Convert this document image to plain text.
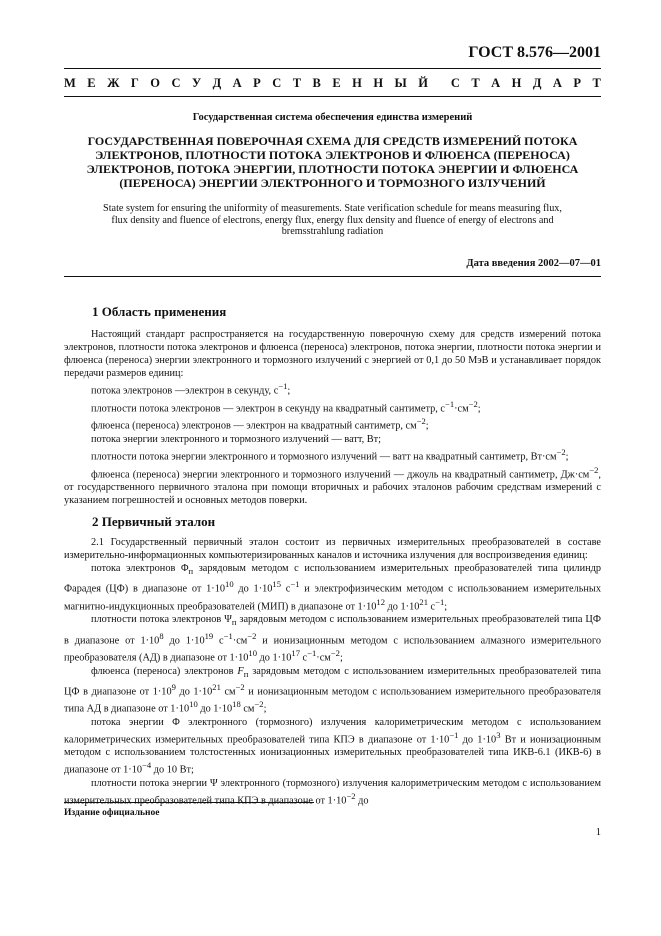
ГОСТ 8.576—2001
М Е Ж Г О С У Д А Р С Т В Е Н Н Ы Й С Т А Н Д А Р Т
Государственная система обеспечения единства измерений
ГОСУДАРСТВЕННАЯ ПОВЕРОЧНАЯ СХЕМА ДЛЯ СРЕДСТВ ИЗМЕРЕНИЙ ПОТОКА
ЭЛЕКТРОНОВ, ПЛОТНОСТИ ПОТОКА ЭЛЕКТРОНОВ И ФЛЮЕНСА (ПЕРЕНОСА)
ЭЛЕКТРОНОВ, ПОТОКА ЭНЕРГИИ, ПЛОТНОСТИ ПОТОКА ЭНЕРГИИ И ФЛЮЕНСА
(ПЕРЕНОСА) ЭНЕРГИИ ЭЛЕКТРОННОГО И ТОРМОЗНОГО ИЗЛУЧЕНИЙ
State system for ensuring the uniformity of measurements. State verification schedule for means measuring flux,
flux density and fluence of electrons, energy flux, energy flux density and fluence of energy of electrons and
bremsstrahlung radiation
Дата введения 2002—07—01
1 Область применения

Настоящий стандарт распространяется на государственную поверочную схему для средств измерений потока электронов, плотности потока электронов и флюенса (переноса) электронов, потока энергии, плотности потока энергии и флюенса (переноса) энергии электронного и тормозного излучений с энергией от 0,1 до 50 МэВ и устанавливает порядок передачи размеров единиц:

потока электронов —электрон в секунду, $с^{-1}$;

плотности потока электронов — электрон в секунду на квадратный сантиметр, $с^{-1}\cdot см^{-2}$;

флюенса (переноса) электронов — электрон на квадратный сантиметр, $см^{-2}$;

потока энергии электронного и тормозного излучений — ватт, Вт;

плотности потока энергии электронного и тормозного излучений — ватт на квадратный сантиметр, $Вт\cdot см^{-2}$;

флюенса (переноса) энергии электронного и тормозного излучений — джоуль на квадратный сантиметр, $Дж\cdot см^{-2}$, от государственного первичного эталона при помощи вторичных и рабочих эталонов рабочим средствам измерений с указанием погрешностей и основных методов поверки.

2 Первичный эталон

2.1 Государственный первичный эталон состоит из первичных измерительных преобразователей в составе измерительно-информационных компьютеризированных каналов и источника излучения для воспроизведения единиц:

потока электронов $\Phi_п$ зарядовым методом с использованием измерительных преобразователей типа цилиндр Фарадея (ЦФ) в диапазоне от $1\cdot 10^{10}$ до $1\cdot 10^{15}$ $с^{-1}$ и электрофизическим методом с использованием измерительных магнитно-индукционных преобразователей (МИП) в диапазоне от $1\cdot 10^{12}$ до $1\cdot 10^{21}$ $с^{-1}$;

плотности потока электронов $\Psi_п$ зарядовым методом с использованием измерительных преобразователей типа ЦФ в диапазоне от $1\cdot 10^8$ до $1\cdot 10^{19}$ $с^{-1}\cdot см^{-2}$ и ионизационным методом с использованием алмазного измерительного преобразователя (АД) в диапазоне от $1\cdot 10^{10}$ до $1\cdot 10^{17}$ $с^{-1}\cdot см^{-2}$;

флюенса (переноса) электронов $F_п$ зарядовым методом с использованием измерительных преобразователей типа ЦФ в диапазоне от $1\cdot 10^9$ до $1\cdot 10^{21}$ $см^{-2}$ и ионизационным методом с использованием измерительного преобразователя типа АД в диапазоне от $1\cdot 10^{10}$ до $1\cdot 10^{18}$ $см^{-2}$;

потока энергии Φ электронного (тормозного) излучения калориметрическим методом с использованием калориметрических измерительных преобразователей типа КПЭ в диапазоне от $1\cdot 10^{-1}$ до $1\cdot 10^3$ Вт и ионизационным методом с использованием толстостенных ионизационных измерительных преобразователей типа ИКВ-6.1 (ИКВ-6) в диапазоне от $1\cdot 10^{-4}$ до 10 Вт;

плотности потока энергии Ψ электронного (тормозного) излучения калориметрическим методом с использованием измерительных преобразователей типа КПЭ в диапазоне от $1\cdot 10^{-2}$ до

Издание официальное
1
